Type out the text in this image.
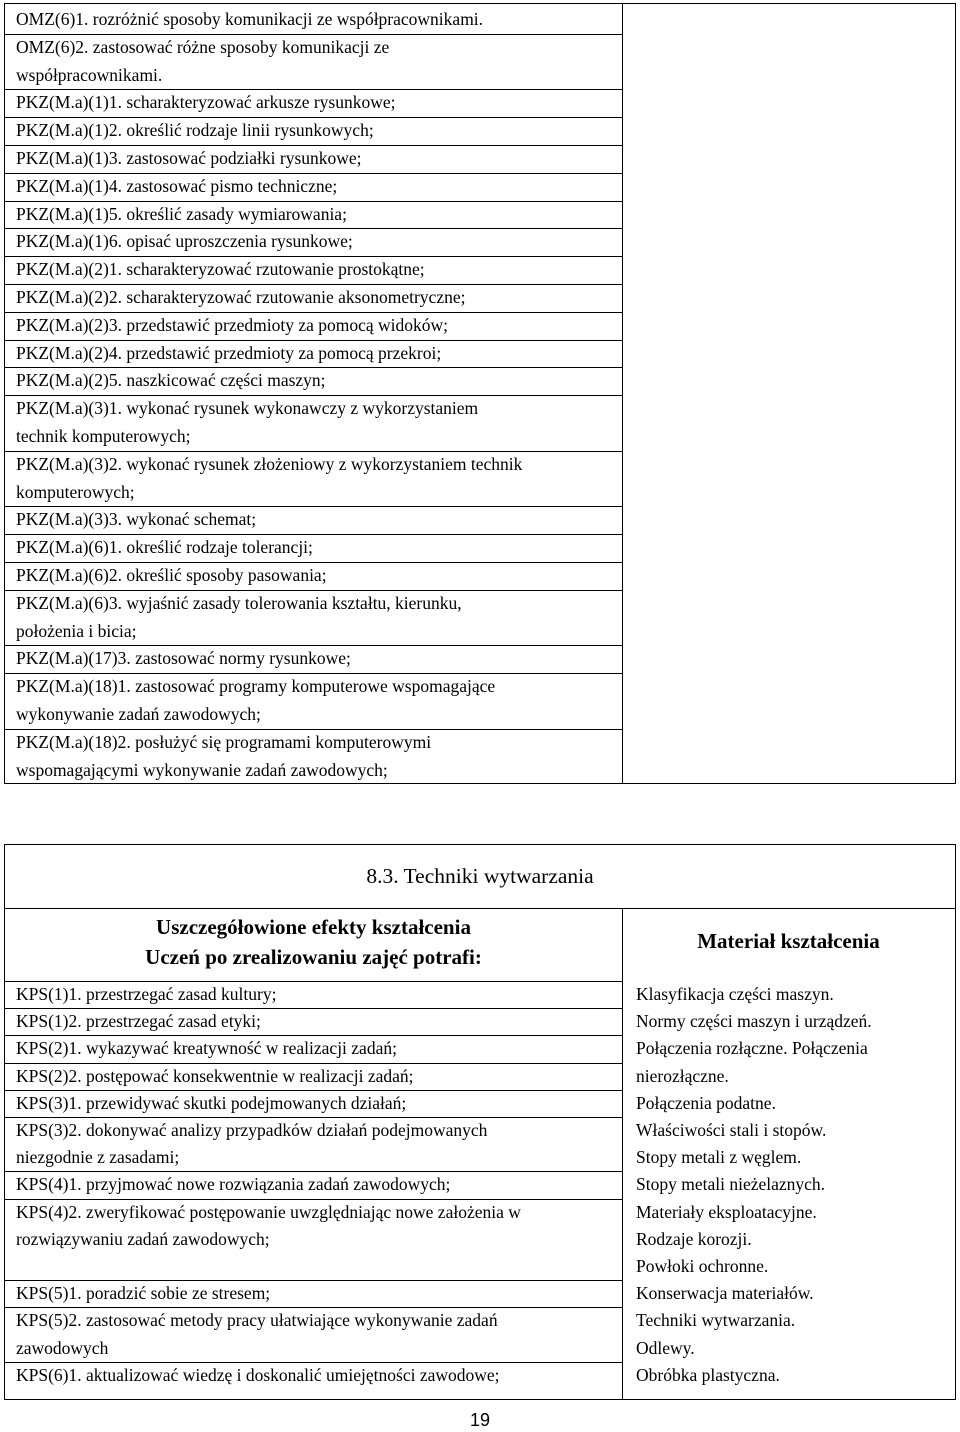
OMZ(6)1. rozróżnić sposoby komunikacji ze współpracownikami.
OMZ(6)2. zastosować różne sposoby komunikacji ze
współpracownikami.
PKZ(M.a)(1)1. scharakteryzować arkusze rysunkowe;
PKZ(M.a)(1)2. określić rodzaje linii rysunkowych;
PKZ(M.a)(1)3. zastosować podziałki rysunkowe;
PKZ(M.a)(1)4. zastosować pismo techniczne;
PKZ(M.a)(1)5. określić zasady wymiarowania;
PKZ(M.a)(1)6. opisać uproszczenia rysunkowe;
PKZ(M.a)(2)1. scharakteryzować rzutowanie prostokątne;
PKZ(M.a)(2)2. scharakteryzować rzutowanie aksonometryczne;
PKZ(M.a)(2)3. przedstawić przedmioty za pomocą widoków;
PKZ(M.a)(2)4. przedstawić przedmioty za pomocą przekroi;
PKZ(M.a)(2)5. naszkicować części maszyn;
PKZ(M.a)(3)1. wykonać rysunek wykonawczy z wykorzystaniem
technik komputerowych;
PKZ(M.a)(3)2. wykonać rysunek złożeniowy z wykorzystaniem technik
komputerowych;
PKZ(M.a)(3)3. wykonać schemat;
PKZ(M.a)(6)1. określić rodzaje tolerancji;
PKZ(M.a)(6)2. określić sposoby pasowania;
PKZ(M.a)(6)3. wyjaśnić zasady tolerowania kształtu, kierunku,
położenia i bicia;
PKZ(M.a)(17)3. zastosować normy rysunkowe;
PKZ(M.a)(18)1. zastosować programy komputerowe wspomagające
wykonywanie zadań zawodowych;
PKZ(M.a)(18)2. posłużyć się programami komputerowymi
wspomagającymi wykonywanie zadań zawodowych;
8.3. Techniki wytwarzania
Uszczegółowione efekty kształcenia
Uczeń po zrealizowaniu zajęć potrafi:
Materiał kształcenia
KPS(1)1. przestrzegać zasad kultury;
KPS(1)2. przestrzegać zasad etyki;
KPS(2)1. wykazywać kreatywność w realizacji zadań;
KPS(2)2. postępować konsekwentnie w realizacji zadań;
KPS(3)1. przewidywać skutki podejmowanych działań;
KPS(3)2. dokonywać analizy przypadków działań podejmowanych
niezgodnie z zasadami;
KPS(4)1. przyjmować nowe rozwiązania zadań zawodowych;
KPS(4)2. zweryfikować postępowanie uwzględniając nowe założenia w
rozwiązywaniu zadań zawodowych;

KPS(5)1. poradzić sobie ze stresem;
KPS(5)2. zastosować metody pracy ułatwiające wykonywanie zadań
zawodowych
KPS(6)1. aktualizować wiedzę i doskonalić umiejętności zawodowe;
Klasyfikacja części maszyn.
Normy części maszyn i urządzeń.
Połączenia rozłączne. Połączenia
nierozłączne.
Połączenia podatne.
Właściwości stali i stopów.
Stopy metali z węglem.
Stopy metali nieżelaznych.
Materiały eksploatacyjne.
Rodzaje korozji.
Powłoki ochronne.
Konserwacja materiałów.
Techniki wytwarzania.
Odlewy.
Obróbka plastyczna.
19
